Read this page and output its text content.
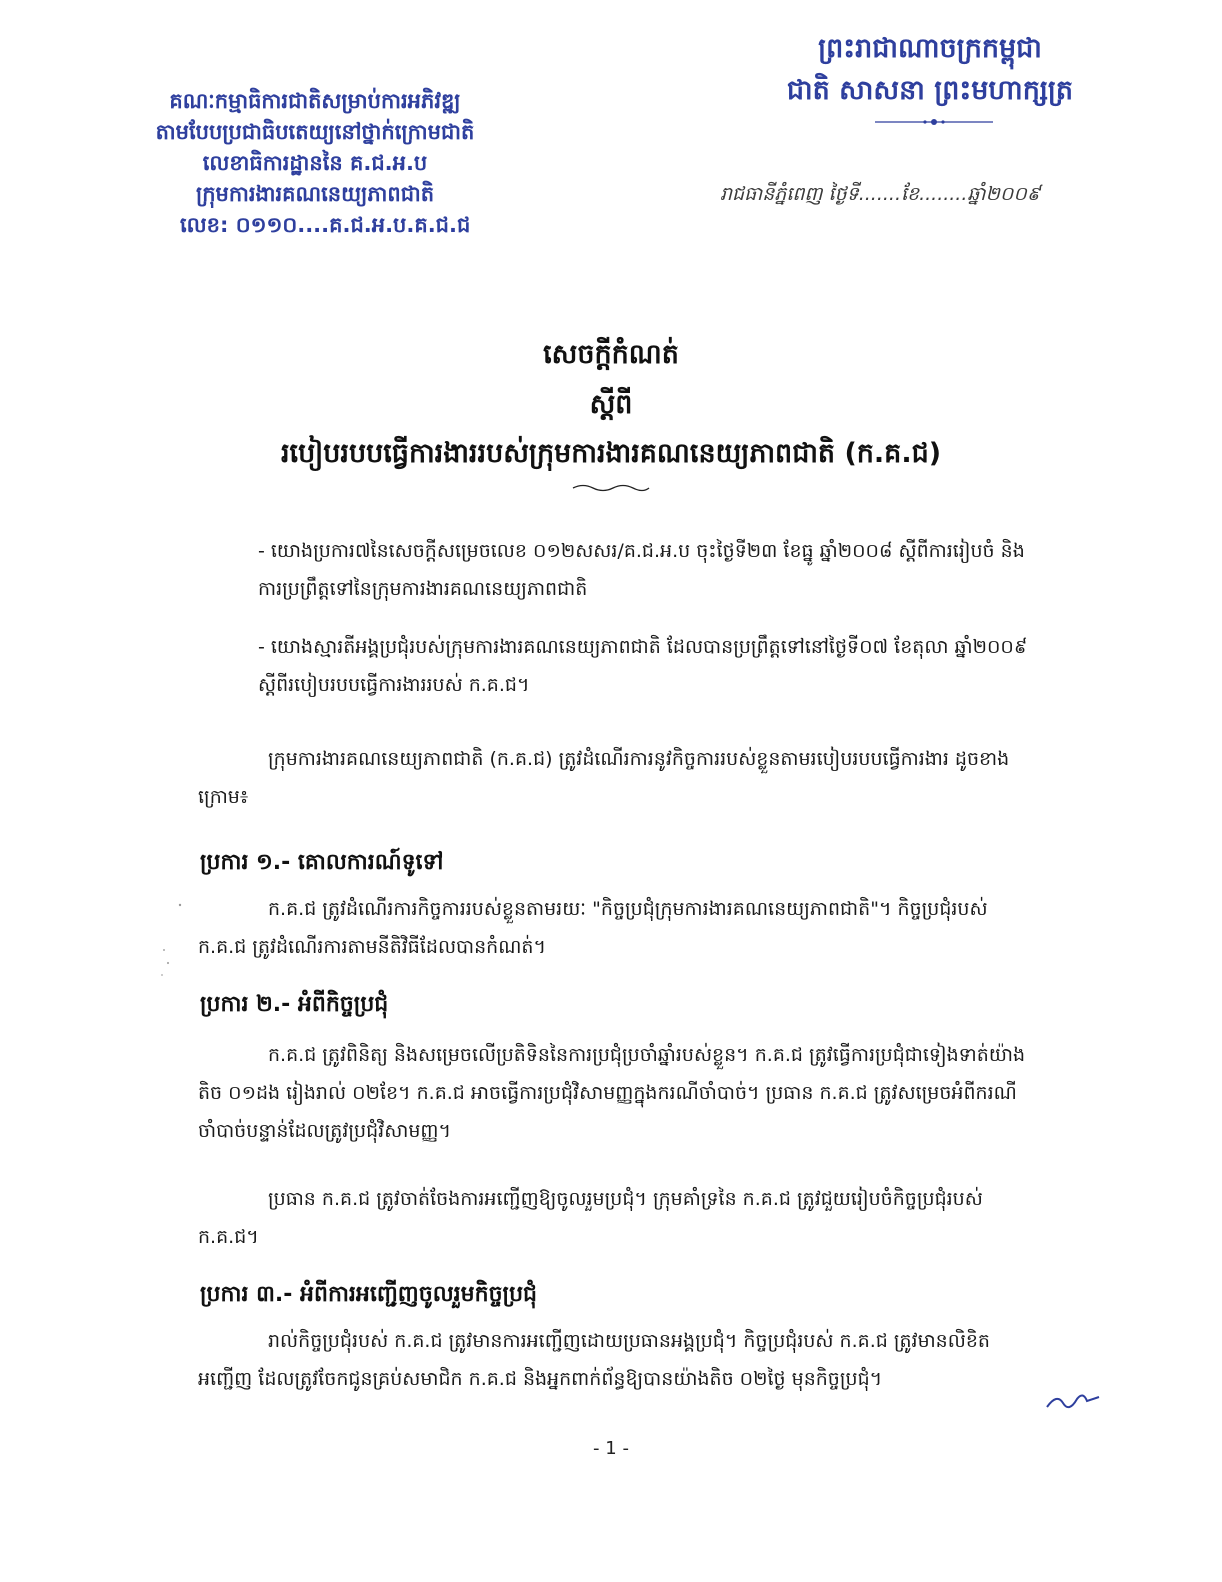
គណៈកម្មាធិការជាតិសម្រាប់ការអភិវឌ្ឍ
តាមបែបប្រជាធិបតេយ្យនៅថ្នាក់ក្រោមជាតិ
លេខាធិការដ្ឋាននៃ គ.ជ.អ.ប
ក្រុមការងារគណនេយ្យភាពជាតិ
លេខ: ០១១០....គ.ជ.អ.ប.គ.ជ.ជ
ព្រះរាជាណាចក្រកម្ពុជា
ជាតិ សាសនា ព្រះមហាក្សត្រ
រាជធានីភ្នំពេញ ថ្ងៃទី.......ខែ........ឆ្នាំ២០០៩
សេចក្តីកំណត់
ស្តីពី
របៀបរបបធ្វើការងាររបស់ក្រុមការងារគណនេយ្យភាពជាតិ (ក.គ.ជ)
- យោងប្រការ៧នៃសេចក្តីសម្រេចលេខ ០១២សសរ/គ.ជ.អ.ប ចុះថ្ងៃទី២៣ ខែធ្នូ ឆ្នាំ២០០៨ ស្តីពីការរៀបចំ និងការប្រព្រឹត្តទៅនៃក្រុមការងារគណនេយ្យភាពជាតិ
- យោងស្មារតីអង្គប្រជុំរបស់ក្រុមការងារគណនេយ្យភាពជាតិ ដែលបានប្រព្រឹត្តទៅនៅថ្ងៃទី០៧ ខែតុលា ឆ្នាំ២០០៩ ស្តីពីរបៀបរបបធ្វើការងាររបស់ ក.គ.ជ។
ក្រុមការងារគណនេយ្យភាពជាតិ (ក.គ.ជ) ត្រូវដំណើរការនូវកិច្ចការរបស់ខ្លួនតាមរបៀបរបបធ្វើការងារ ដូចខាងក្រោម៖
ប្រការ ១.- គោលការណ៍ទូទៅ
ក.គ.ជ ត្រូវដំណើរការកិច្ចការរបស់ខ្លួនតាមរយៈ "កិច្ចប្រជុំក្រុមការងារគណនេយ្យភាពជាតិ"។ កិច្ចប្រជុំរបស់ ក.គ.ជ ត្រូវដំណើរការតាមនីតិវិធីដែលបានកំណត់។
ប្រការ ២.- អំពីកិច្ចប្រជុំ
ក.គ.ជ ត្រូវពិនិត្យ និងសម្រេចលើប្រតិទិននៃការប្រជុំប្រចាំឆ្នាំរបស់ខ្លួន។ ក.គ.ជ ត្រូវធ្វើការប្រជុំជាទៀងទាត់យ៉ាងតិច ០១ដង រៀងរាល់ ០២ខែ។ ក.គ.ជ អាចធ្វើការប្រជុំវិសាមញ្ញក្នុងករណីចាំបាច់។ ប្រធាន ក.គ.ជ ត្រូវសម្រេចអំពីករណីចាំបាច់បន្ទាន់ដែលត្រូវប្រជុំវិសាមញ្ញ។
ប្រធាន ក.គ.ជ ត្រូវចាត់ចែងការអញ្ជើញឱ្យចូលរួមប្រជុំ។ ក្រុមគាំទ្រនៃ ក.គ.ជ ត្រូវជួយរៀបចំកិច្ចប្រជុំរបស់ ក.គ.ជ។
ប្រការ ៣.- អំពីការអញ្ជើញចូលរួមកិច្ចប្រជុំ
រាល់កិច្ចប្រជុំរបស់ ក.គ.ជ ត្រូវមានការអញ្ជើញដោយប្រធានអង្គប្រជុំ។ កិច្ចប្រជុំរបស់ ក.គ.ជ ត្រូវមានលិខិតអញ្ជើញ ដែលត្រូវចែកជូនគ្រប់សមាជិក ក.គ.ជ និងអ្នកពាក់ព័ន្ធឱ្យបានយ៉ាងតិច ០២ថ្ងៃ មុនកិច្ចប្រជុំ។
- 1 -
